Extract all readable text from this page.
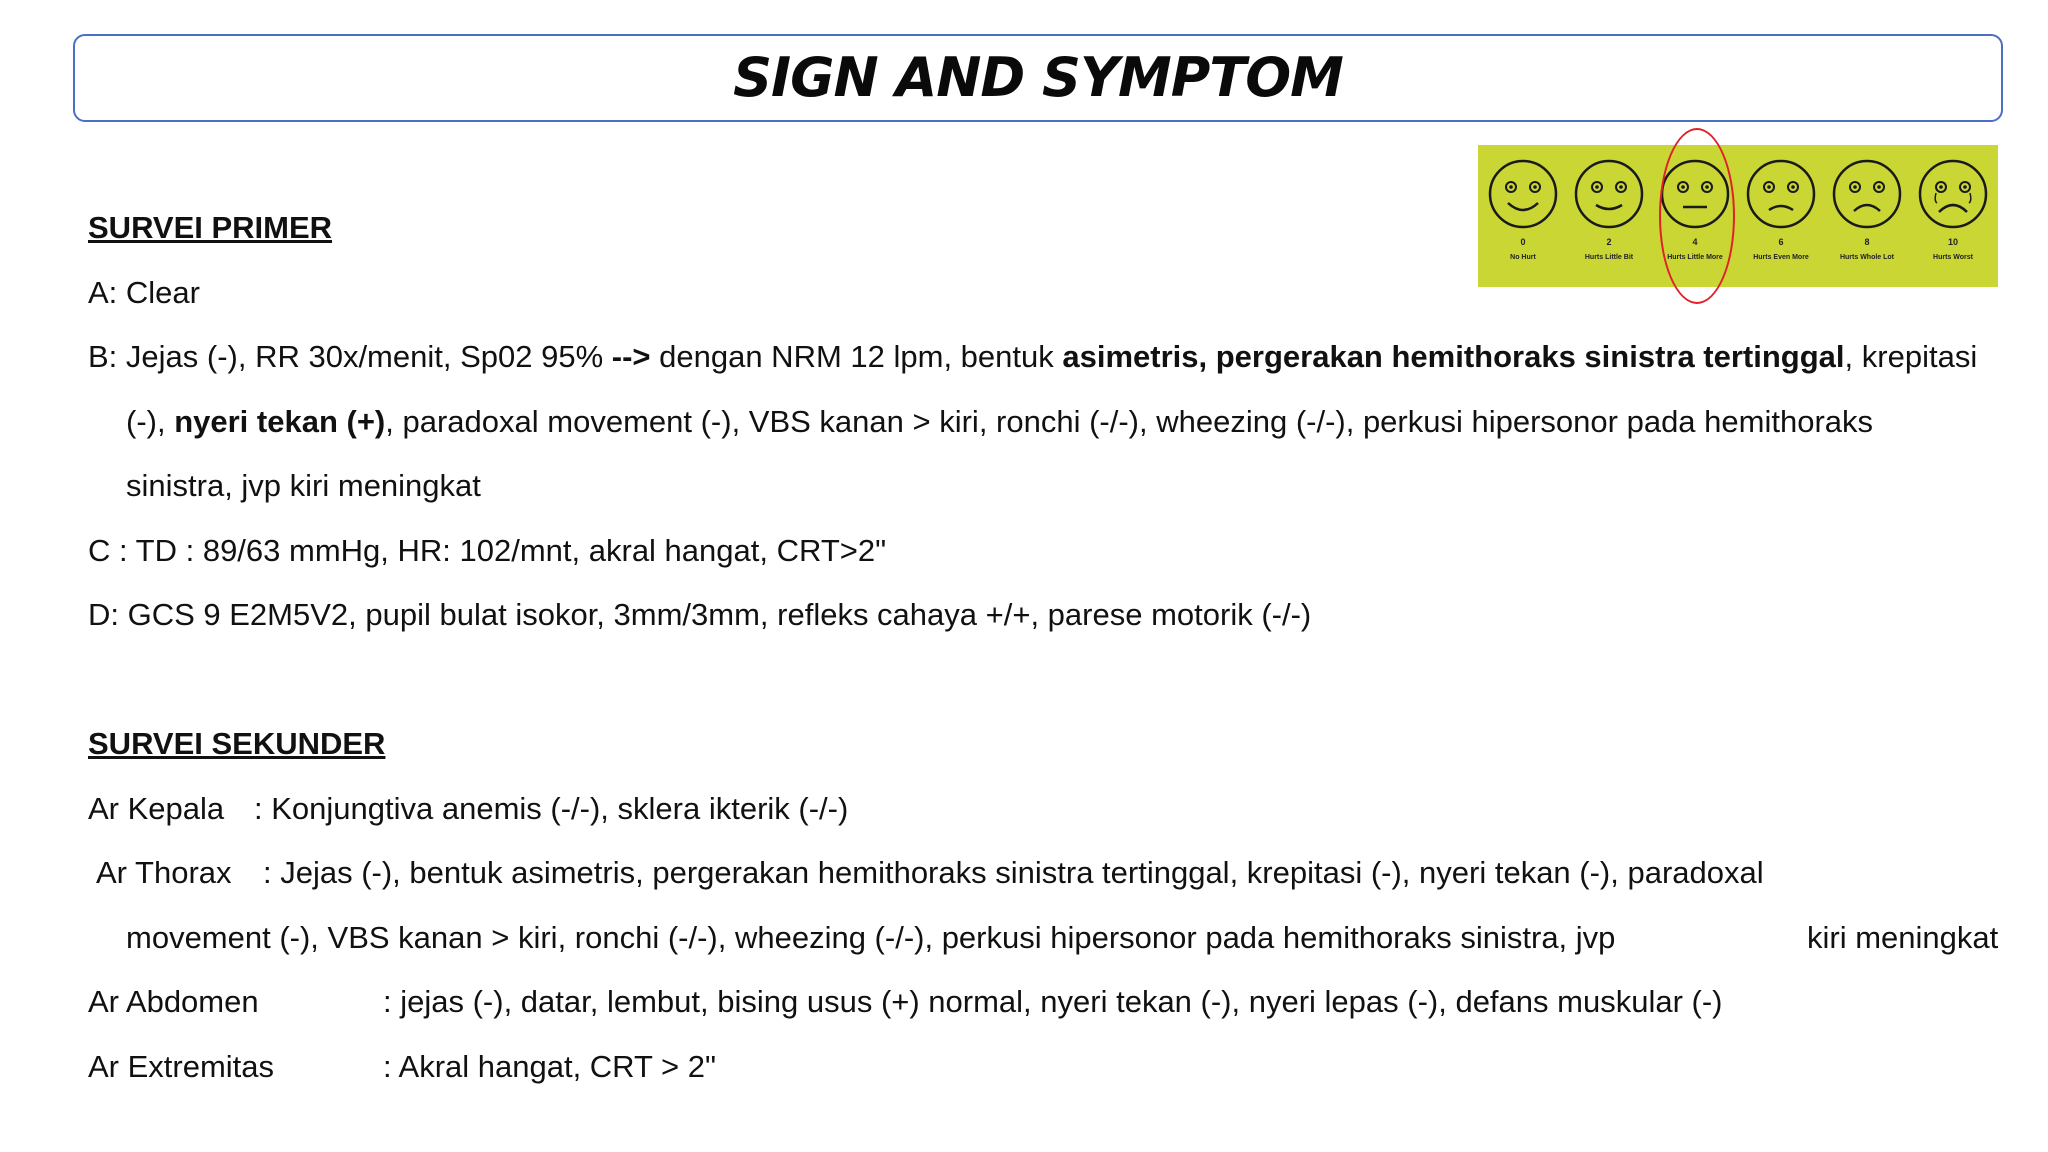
SIGN AND SYMPTOM
0
No Hurt
2
Hurts Little Bit
4
Hurts Little More
6
Hurts Even More
8
Hurts Whole Lot
10
Hurts Worst
SURVEI PRIMER
A: Clear
B: Jejas (-), RR 30x/menit, Sp02 95% --> dengan NRM 12 lpm, bentuk asimetris, pergerakan hemithoraks sinistra tertinggal, krepitasi
(-), nyeri tekan (+), paradoxal movement (-), VBS kanan > kiri, ronchi (-/-), wheezing (-/-), perkusi hipersonor pada hemithoraks
sinistra, jvp kiri meningkat
C : TD : 89/63 mmHg, HR: 102/mnt, akral hangat, CRT>2"
D: GCS 9 E2M5V2, pupil bulat isokor, 3mm/3mm, refleks cahaya +/+, parese motorik (-/-)
SURVEI SEKUNDER
Ar Kepala : Konjungtiva anemis (-/-), sklera ikterik (-/-)
Ar Thorax : Jejas (-), bentuk asimetris, pergerakan hemithoraks sinistra tertinggal, krepitasi (-), nyeri tekan (-), paradoxal
movement (-), VBS kanan > kiri, ronchi (-/-), wheezing (-/-), perkusi hipersonor pada hemithoraks sinistra, jvp	kiri meningkat
Ar Abdomen	: jejas (-), datar, lembut, bising usus (+) normal, nyeri tekan (-), nyeri lepas (-), defans muskular (-)
Ar Extremitas	: Akral hangat, CRT > 2"
